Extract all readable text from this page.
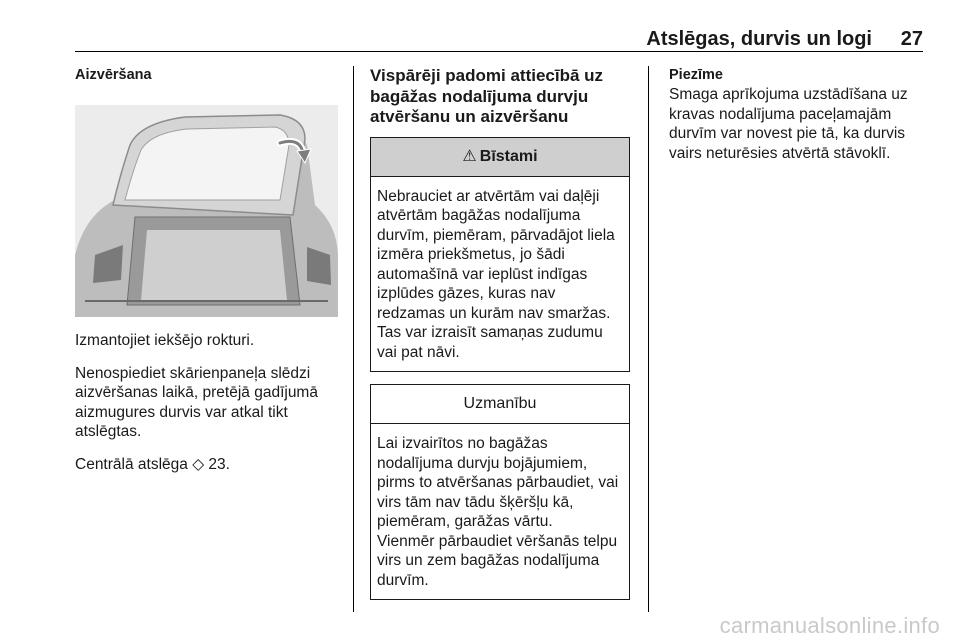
Atslēgas, durvis un logi 27
Aizvēršana

Izmantojiet iekšējo rokturi.

Nenospiediet skārienpaneļa slēdzi aizvēršanas laikā, pretējā gadījumā aizmugures durvis var atkal tikt atslēgtas.

Centrālā atslēga ◇ 23.

Vispārēji padomi attiecībā uz bagāžas nodalījuma durvju atvēršanu un aizvēršanu
⚠ Bīstami
Nebrauciet ar atvērtām vai daļēji atvērtām bagāžas nodalījuma durvīm, piemēram, pārvadājot liela izmēra priekšmetus, jo šādi automašīnā var ieplūst indīgas izplūdes gāzes, kuras nav redzamas un kurām nav smaržas. Tas var izraisīt samaņas zudumu vai pat nāvi.
Uzmanību

Lai izvairītos no bagāžas nodalījuma durvju bojājumiem, pirms to atvēršanas pārbaudiet, vai virs tām nav tādu šķēršļu kā, piemēram, garāžas vārtu.

Vienmēr pārbaudiet vēršanās telpu virs un zem bagāžas nodalījuma durvīm.

Piezīme

Smaga aprīkojuma uzstādīšana uz kravas nodalījuma paceļamajām durvīm var novest pie tā, ka durvis vairs neturēsies atvērtā stāvoklī.

carmanualsonline.info
